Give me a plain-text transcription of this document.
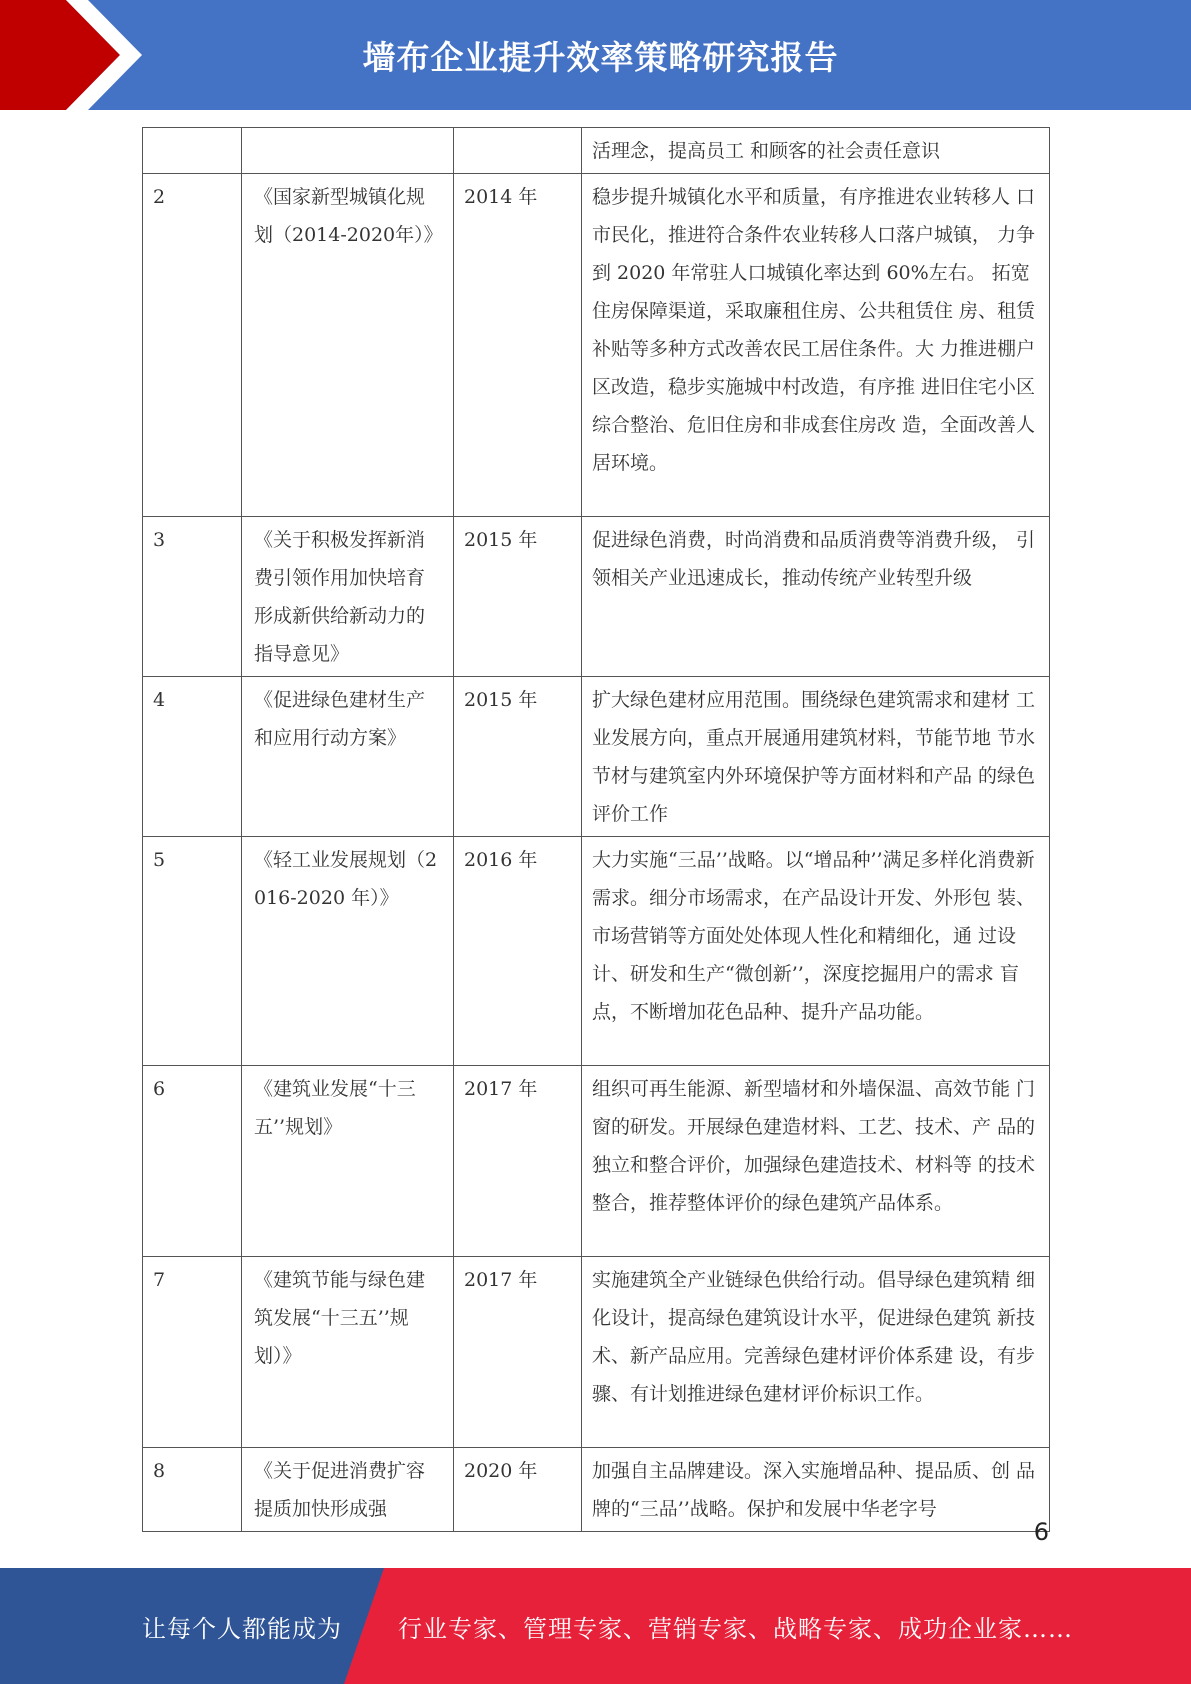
墙布企业提升效率策略研究报告
			活理念，提高员工 和顾客的社会责任意识
2	《国家新型城镇化规划（2014-2020年）》	2014 年	稳步提升城镇化水平和质量，有序推进农业转移人 口市民化，推进符合条件农业转移人口落户城镇， 力争到 2020 年常驻人口城镇化率达到 60%左右。 拓宽住房保障渠道，采取廉租住房、公共租赁住 房、租赁补贴等多种方式改善农民工居住条件。大 力推进棚户区改造，稳步实施城中村改造，有序推 进旧住宅小区综合整治、危旧住房和非成套住房改 造，全面改善人居环境。
3	《关于积极发挥新消费引领作用加快培育形成新供给新动力的指导意见》	2015 年	促进绿色消费，时尚消费和品质消费等消费升级， 引领相关产业迅速成长，推动传统产业转型升级
4	《促进绿色建材生产和应用行动方案》	2015 年	扩大绿色建材应用范围。围绕绿色建筑需求和建材 工业发展方向，重点开展通用建筑材料，节能节地 节水节材与建筑室内外环境保护等方面材料和产品 的绿色评价工作
5	《轻工业发展规划（2016-2020 年）》	2016 年	大力实施“三品’’战略。以“增品种’’满足多样化消费新 需求。细分市场需求，在产品设计开发、外形包 装、市场营销等方面处处体现人性化和精细化，通 过设计、研发和生产“微创新’’，深度挖掘用户的需求 盲点，不断增加花色品种、提升产品功能。
6	《建筑业发展“十三五’’规划》	2017 年	组织可再生能源、新型墙材和外墙保温、高效节能 门窗的研发。开展绿色建造材料、工艺、技术、产 品的独立和整合评价，加强绿色建造技术、材料等 的技术整合，推荐整体评价的绿色建筑产品体系。
7	《建筑节能与绿色建筑发展“十三五’’规 划）》	2017 年	实施建筑全产业链绿色供给行动。倡导绿色建筑精 细化设计，提高绿色建筑设计水平，促进绿色建筑 新技术、新产品应用。完善绿色建材评价体系建 设，有步骤、有计划推进绿色建材评价标识工作。
8	《关于促进消费扩容提质加快形成强	2020 年	加强自主品牌建设。深入实施增品种、提品质、创 品牌的“三品’’战略。保护和发展中华老字号
6
让每个人都能成为 行业专家、管理专家、营销专家、战略专家、成功企业家……
